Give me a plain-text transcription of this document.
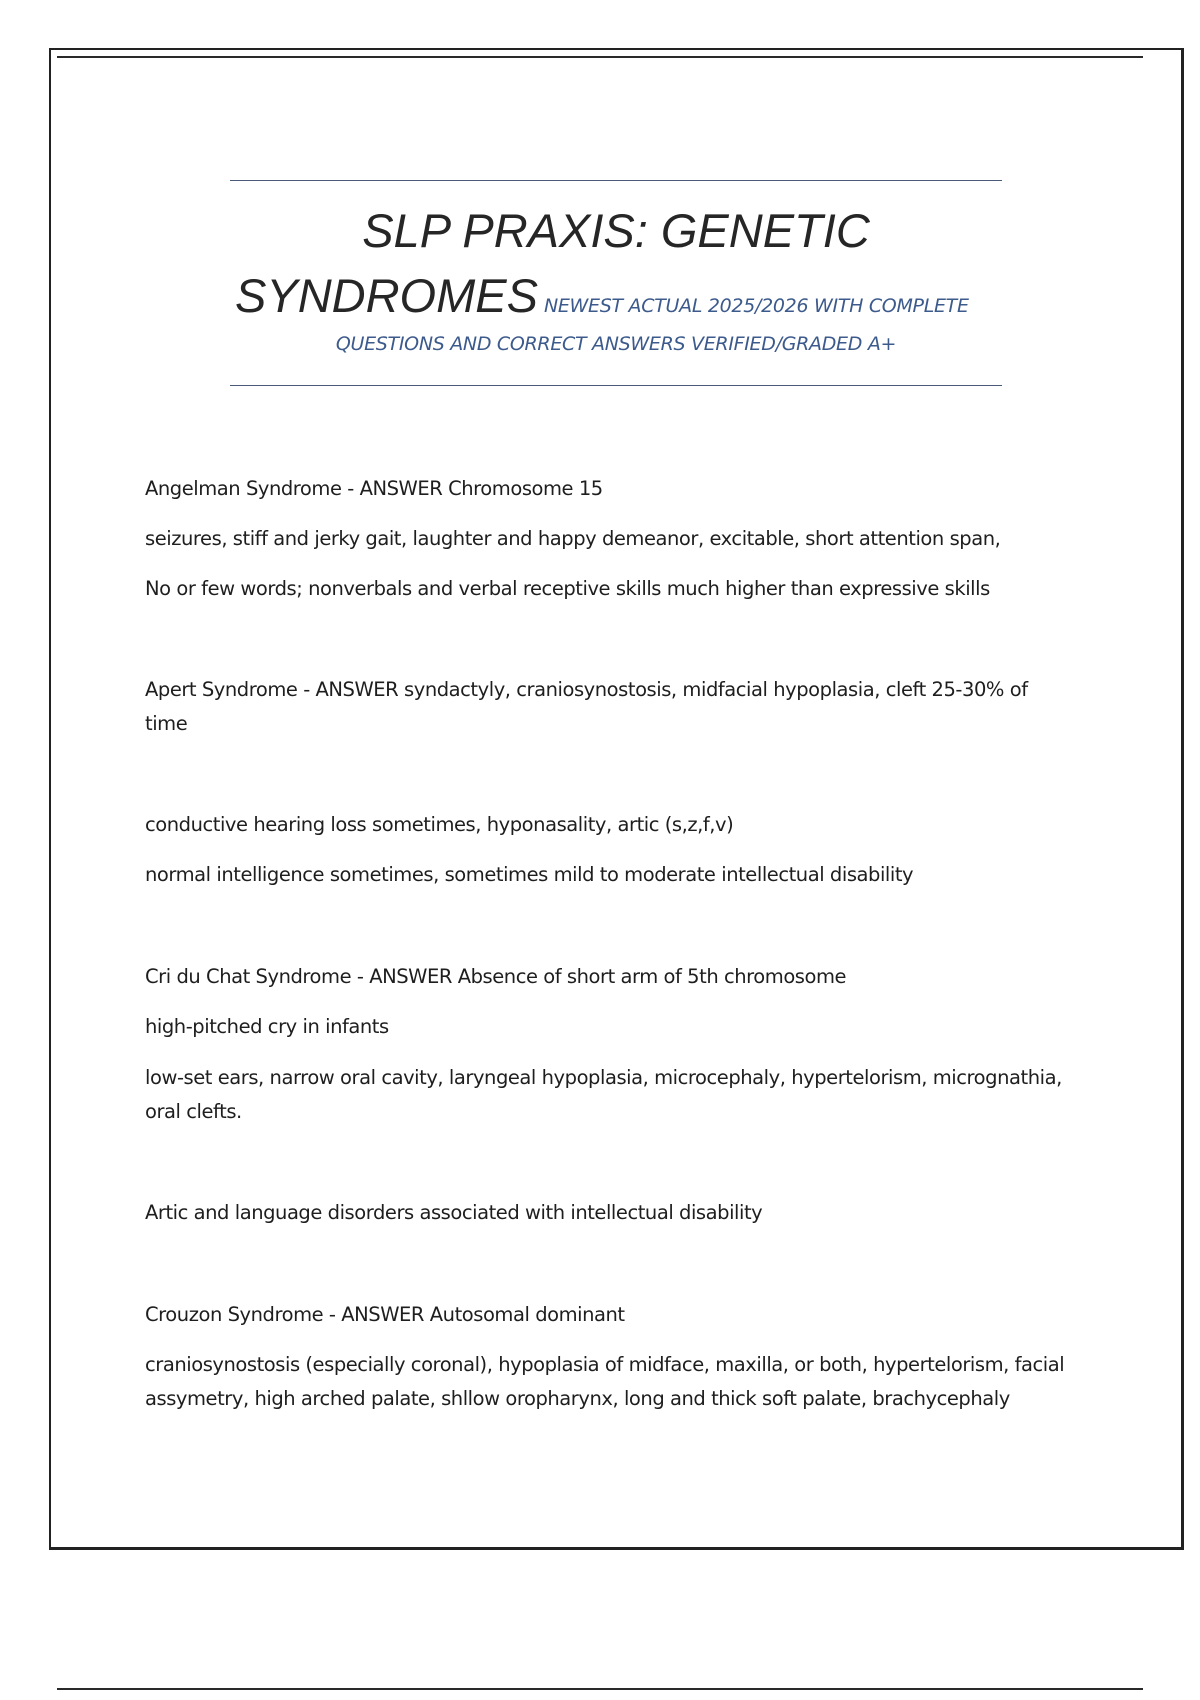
SLP PRAXIS: GENETIC
SYNDROMES NEWEST ACTUAL 2025/2026 WITH COMPLETE
QUESTIONS AND CORRECT ANSWERS VERIFIED/GRADED A+

Angelman Syndrome - ANSWER Chromosome 15

seizures, stiff and jerky gait, laughter and happy demeanor, excitable, short attention span,

No or few words; nonverbals and verbal receptive skills much higher than expressive skills

Apert Syndrome - ANSWER syndactyly, craniosynostosis, midfacial hypoplasia, cleft 25-30% of time

conductive hearing loss sometimes, hyponasality, artic (s,z,f,v)

normal intelligence sometimes, sometimes mild to moderate intellectual disability

Cri du Chat Syndrome - ANSWER Absence of short arm of 5th chromosome

high-pitched cry in infants

low-set ears, narrow oral cavity, laryngeal hypoplasia, microcephaly, hypertelorism, micrognathia, oral clefts.

Artic and language disorders associated with intellectual disability

Crouzon Syndrome - ANSWER Autosomal dominant

craniosynostosis (especially coronal), hypoplasia of midface, maxilla, or both, hypertelorism, facial assymetry, high arched palate, shllow oropharynx, long and thick soft palate, brachycephaly
